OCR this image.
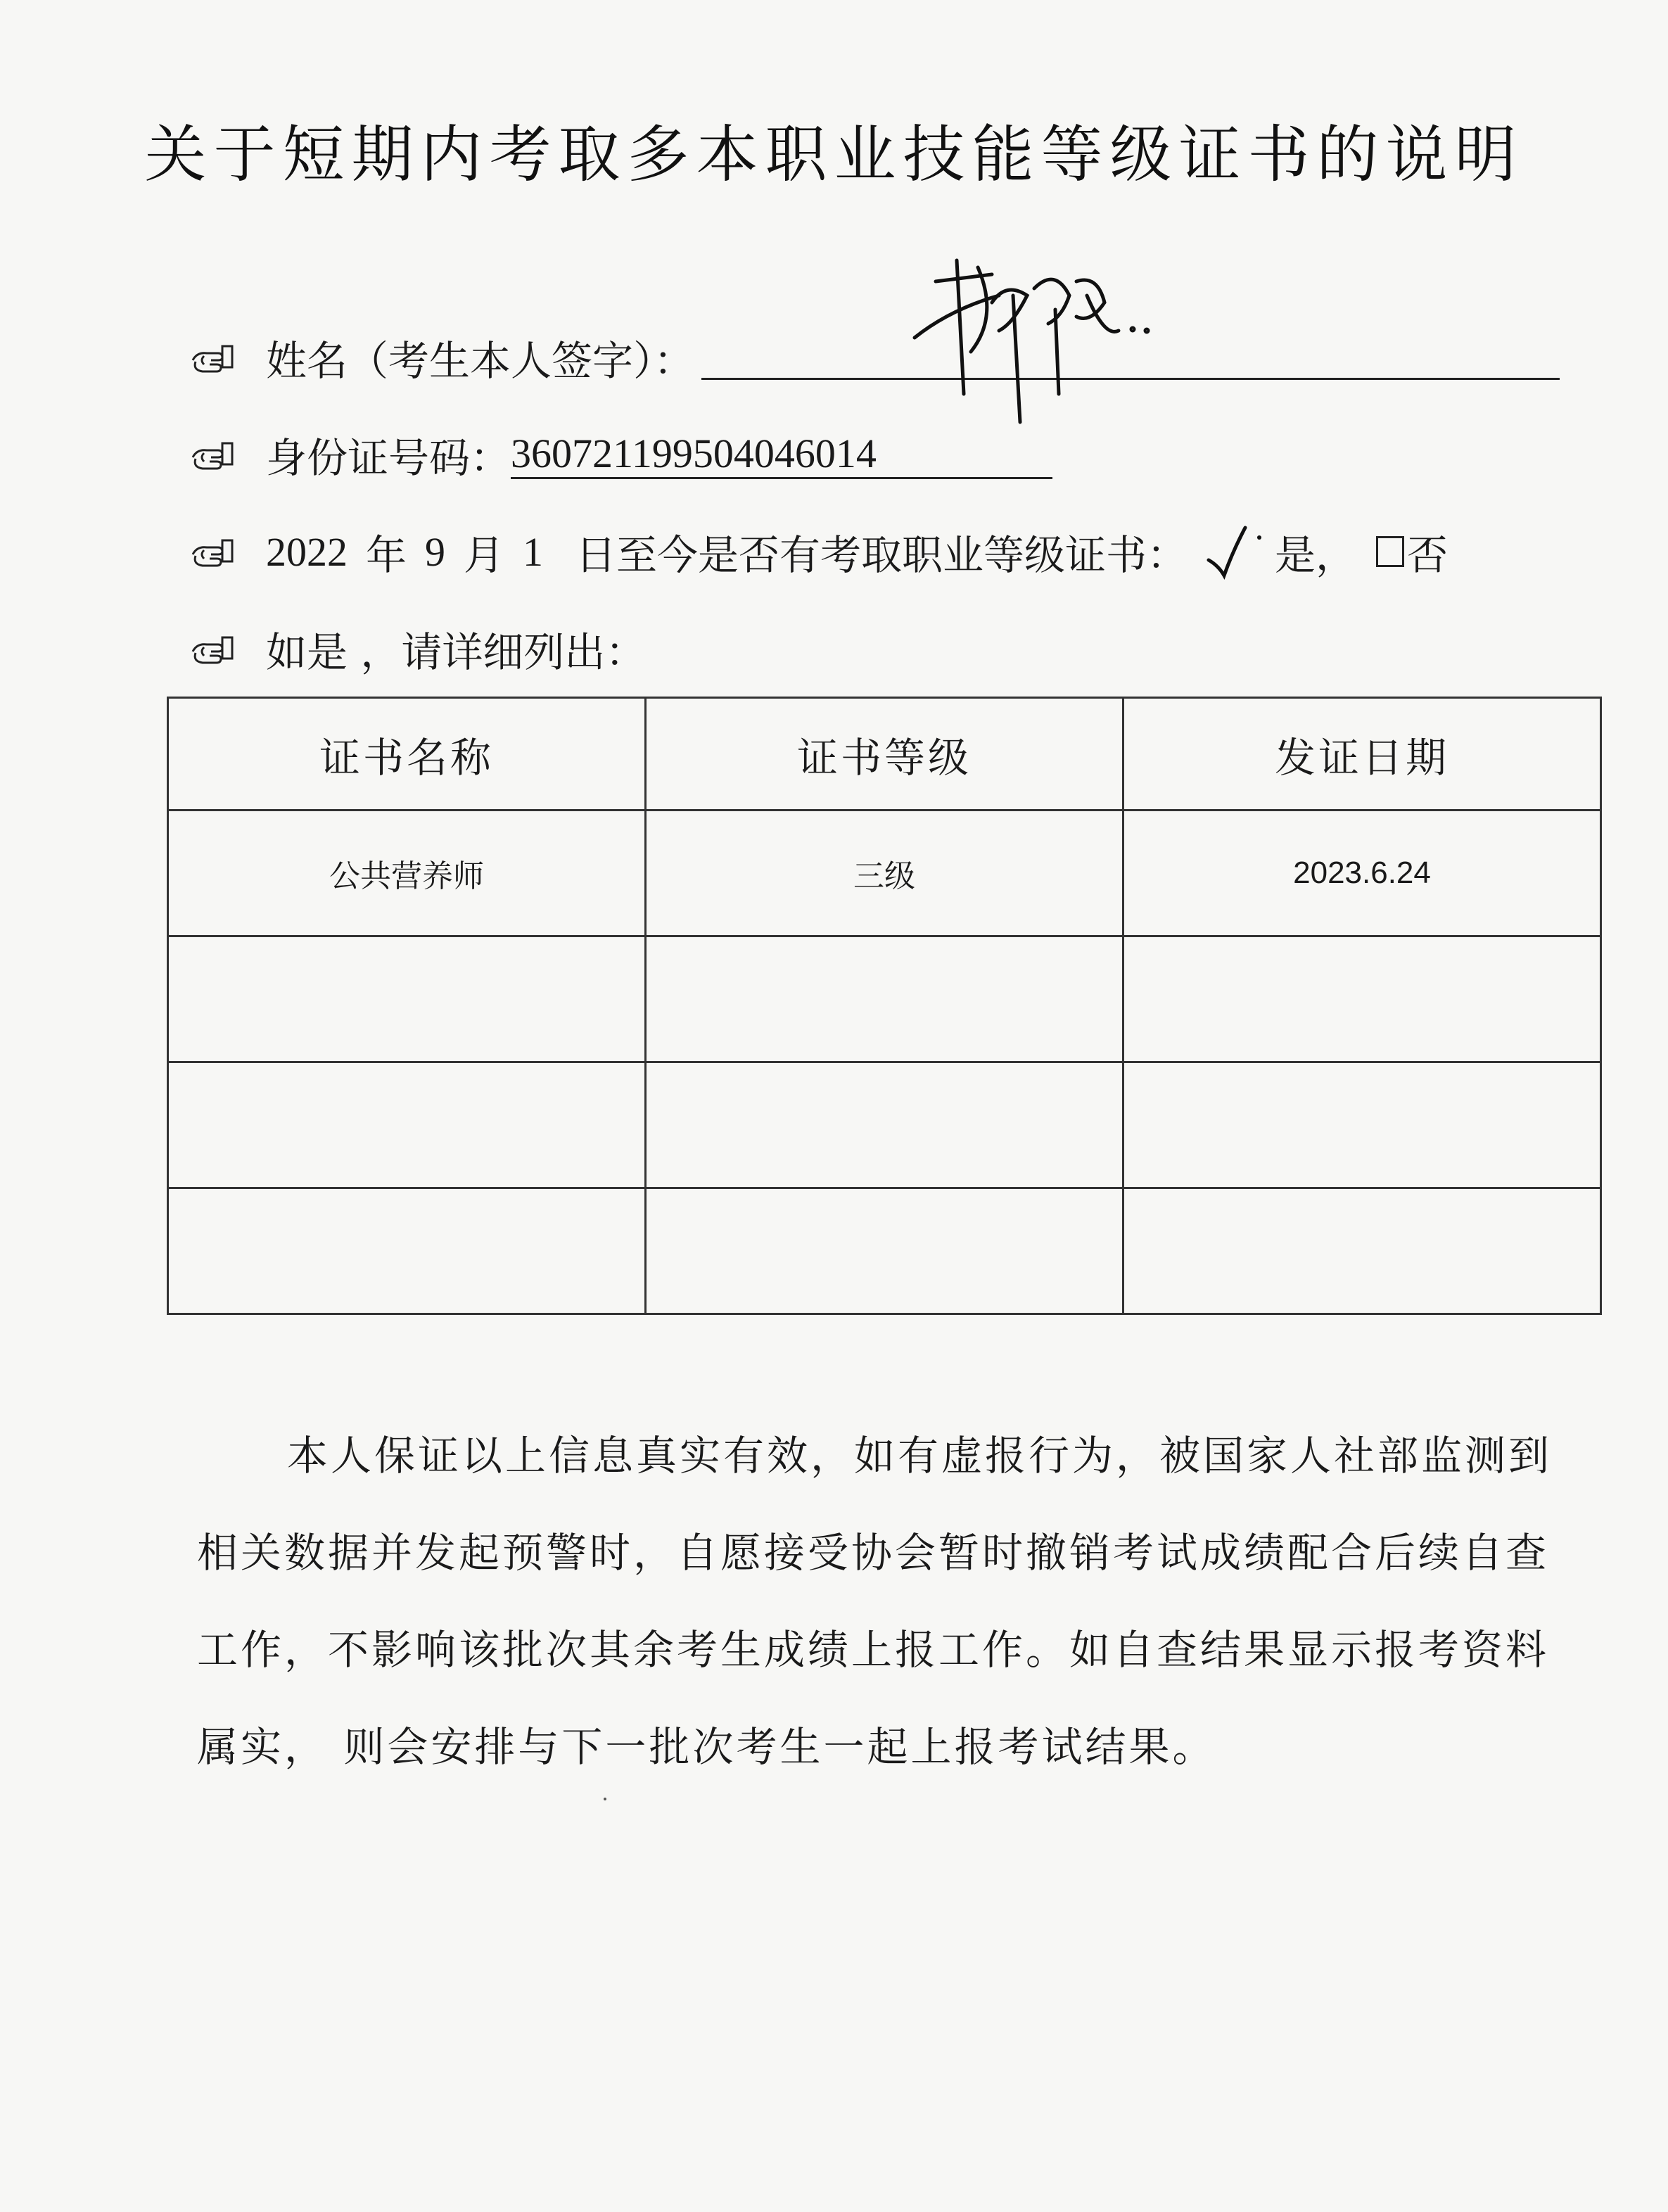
关于短期内考取多本职业技能等级证书的说明
姓名（考生本人签字）：
身份证号码： 360721199504046014
2022 年 9 月 1 日至今是否有考取职业等级证书： 是， 否
如是 ，请详细列出：
证书名称	证书等级	发证日期
公共营养师	三级	2023.6.24

本人保证以上信息真实有效，如有虚报行为，被国家人社部监测到相关数据并发起预警时，自愿接受协会暂时撤销考试成绩配合后续自查工作，不影响该批次其余考生成绩上报工作。如自查结果显示报考资料属实， 则会安排与下一批次考生一起上报考试结果。
